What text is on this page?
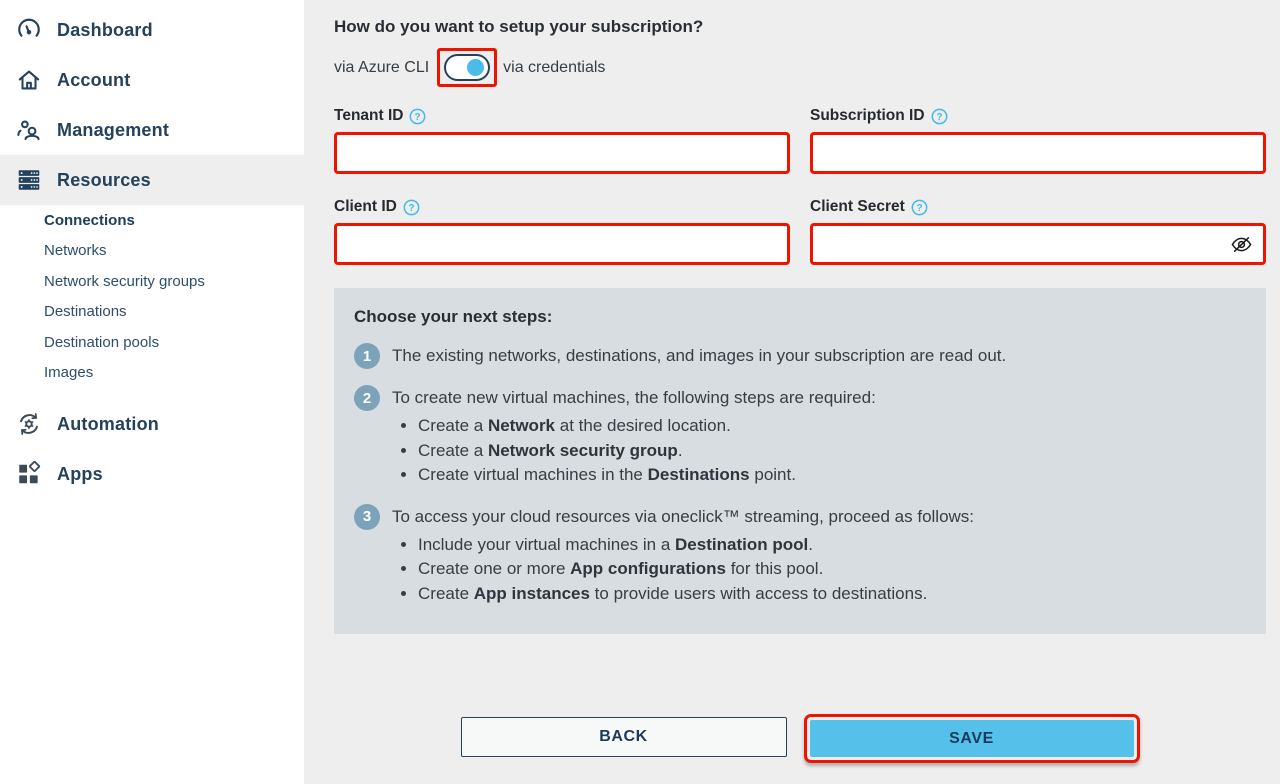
Dashboard
Account
Management
Resources
Connections
Networks
Network security groups
Destinations
Destination pools
Images
Automation
Apps
How do you want to setup your subscription?
via Azure CLI	via credentials
Tenant ID ?	Subscription ID ?
Client ID ?	Client Secret ?
Choose your next steps:
1	The existing networks, destinations, and images in your subscription are read out.
2	To create new virtual machines, the following steps are required:
• Create a Network at the desired location.
• Create a Network security group.
• Create virtual machines in the Destinations point.
3	To access your cloud resources via oneclick™ streaming, proceed as follows:
• Include your virtual machines in a Destination pool.
• Create one or more App configurations for this pool.
• Create App instances to provide users with access to destinations.
BACK	SAVE
